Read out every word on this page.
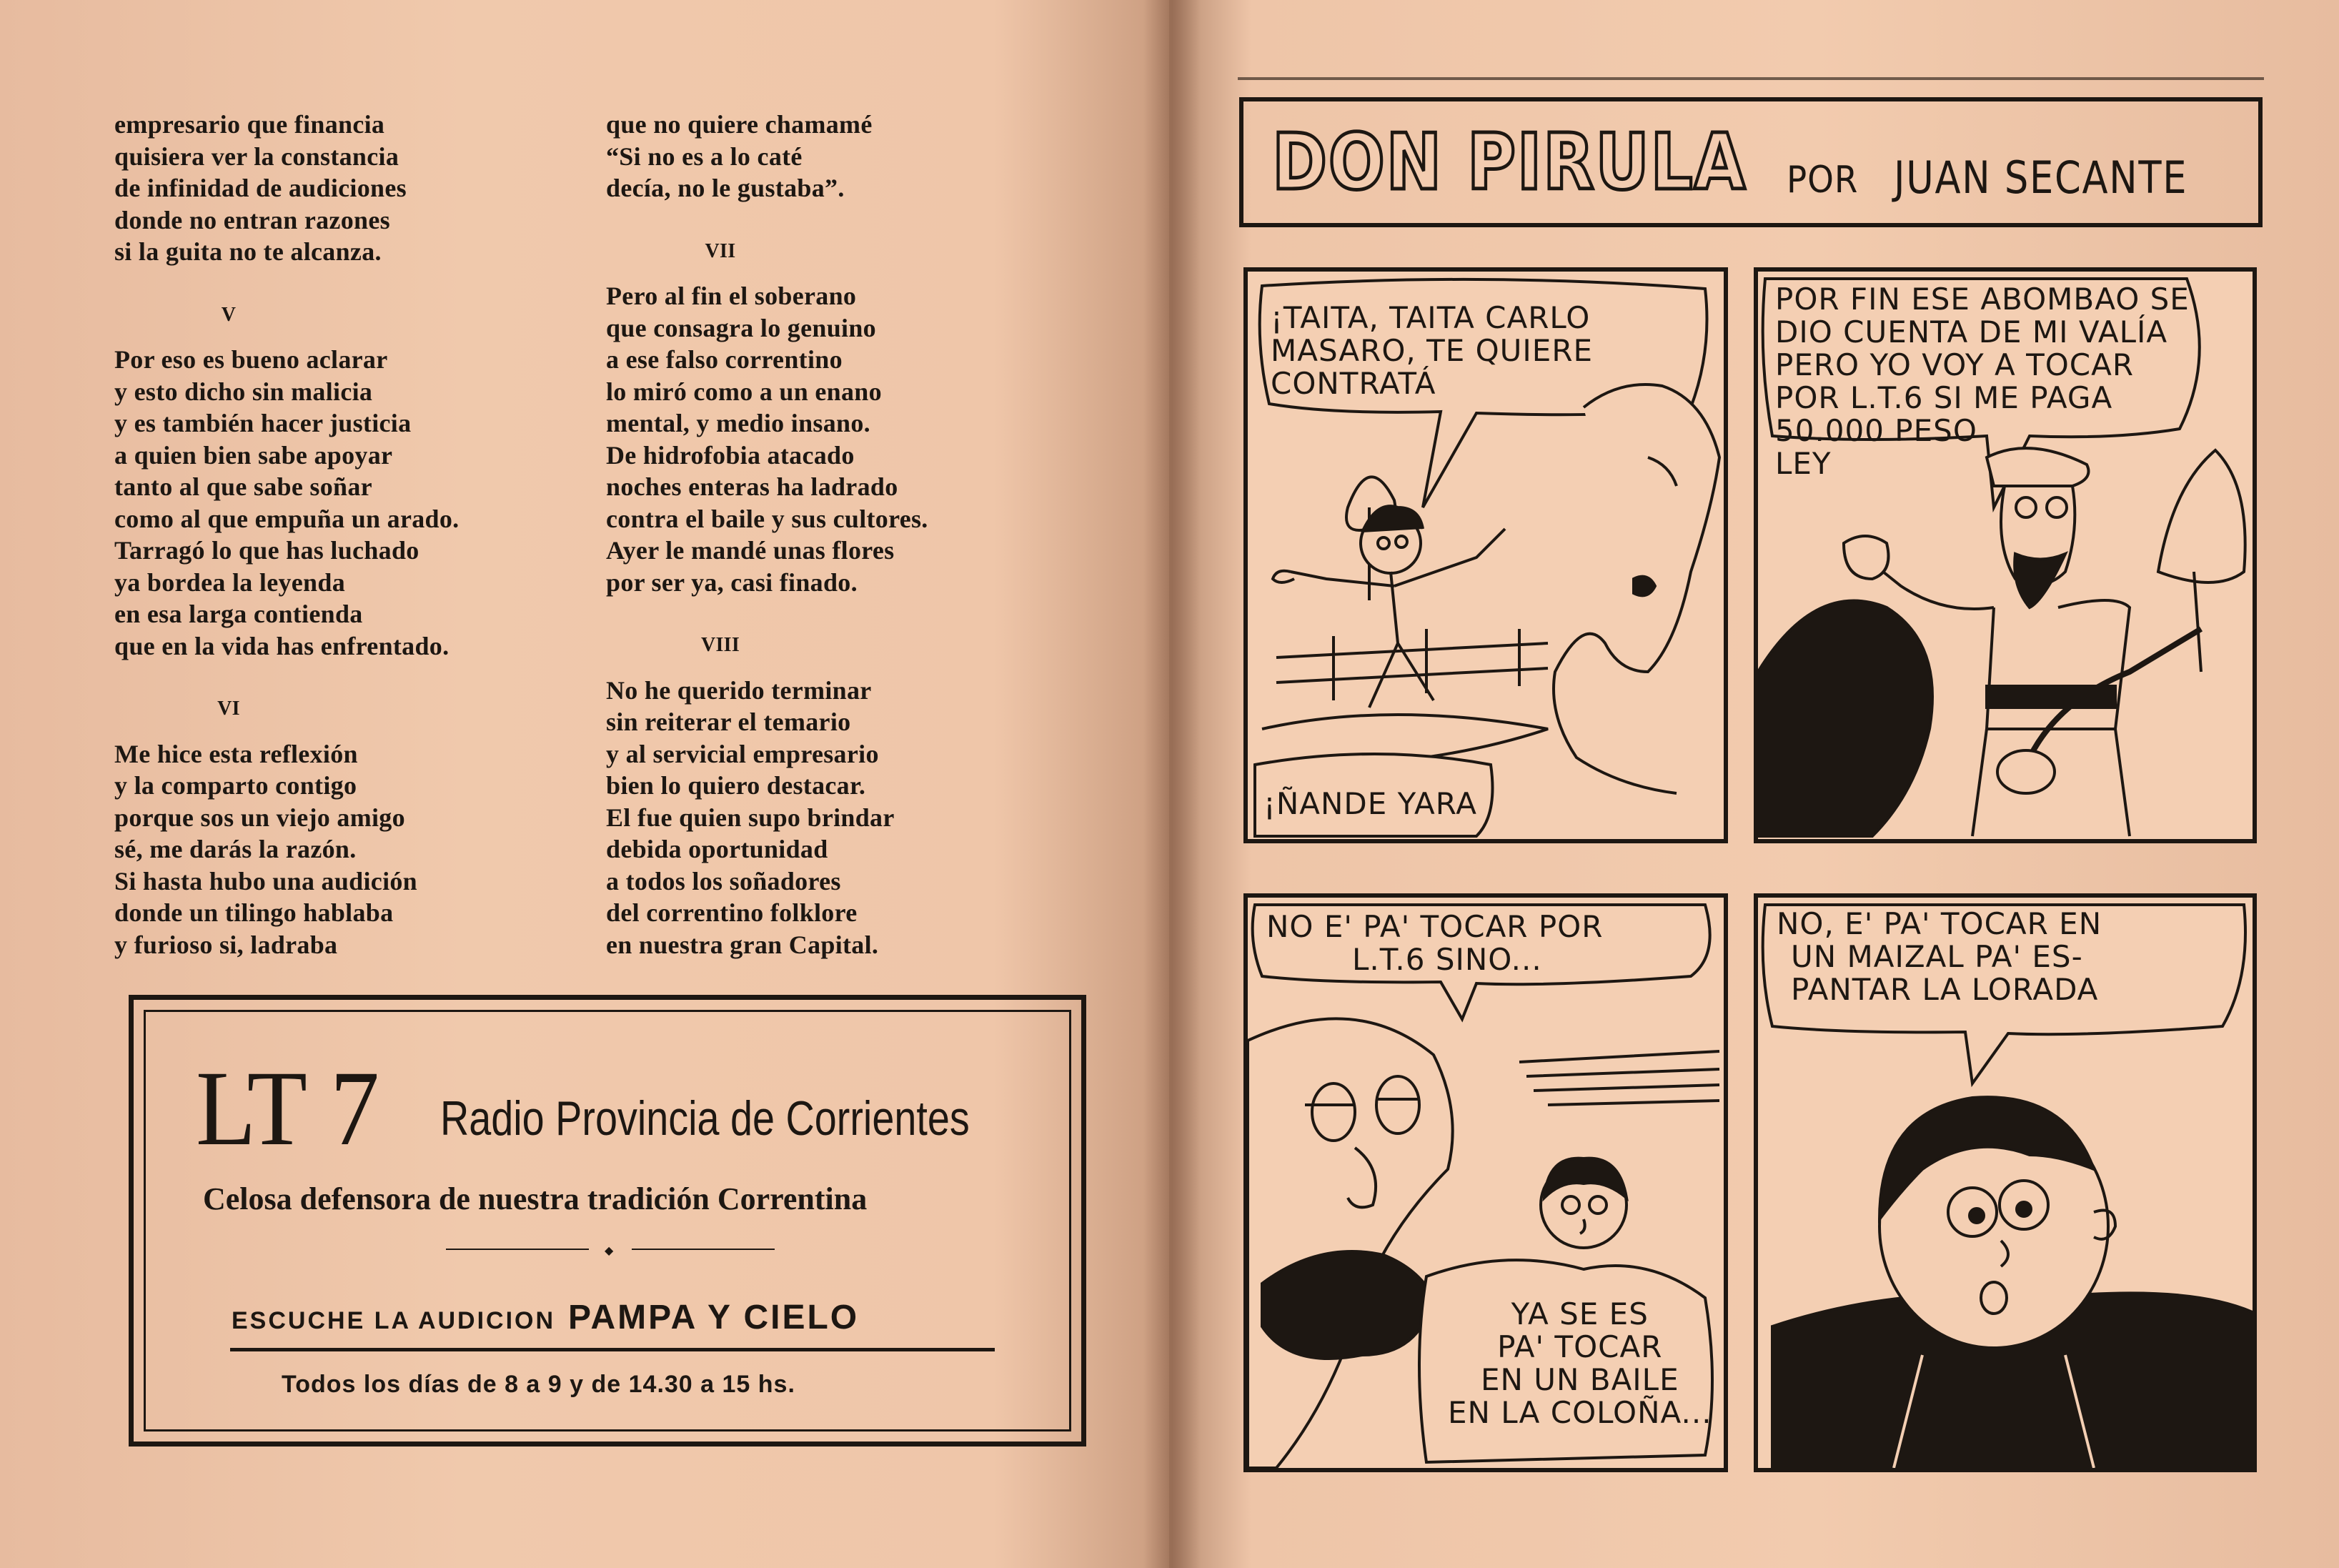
empresario que financia
quisiera ver la constancia
de infinidad de audiciones
donde no entran razones
si la guita no te alcanza.
V
Por eso es bueno aclarar
y esto dicho sin malicia
y es también hacer justicia
a quien bien sabe apoyar
tanto al que sabe soñar
como al que empuña un arado.
Tarragó lo que has luchado
ya bordea la leyenda
en esa larga contienda
que en la vida has enfrentado.
VI
Me hice esta reflexión
y la comparto contigo
porque sos un viejo amigo
sé, me darás la razón.
Si hasta hubo una audición
donde un tilingo hablaba
y furioso si, ladraba
que no quiere chamamé
“Si no es a lo caté
decía, no le gustaba”.
VII
Pero al fin el soberano
que consagra lo genuino
a ese falso correntino
lo miró como a un enano
mental, y medio insano.
De hidrofobia atacado
noches enteras ha ladrado
contra el baile y sus cultores.
Ayer le mandé unas flores
por ser ya, casi finado.
VIII
No he querido terminar
sin reiterar el temario
y al servicial empresario
bien lo quiero destacar.
El fue quien supo brindar
debida oportunidad
a todos los soñadores
del correntino folklore
en nuestra gran Capital.
LT 7 Radio Provincia de Corrientes
Celosa defensora de nuestra tradición Correntina
◆
ESCUCHE LA AUDICION PAMPA Y CIELO
Todos los días de 8 a 9 y de 14.30 a 15 hs.
DON PIRULA POR JUAN SECANTE
¡TAITA, TAITA CARLO
MASARO, TE QUIERE
CONTRATÁ
¡ÑANDE YARA
POR FIN ESE ABOMBAO SE
DIO CUENTA DE MI VALÍA
PERO YO VOY A TOCAR
POR L.T.6 SI ME PAGA
50.000 PESO
LEY
NO E' PA' TOCAR POR
L.T.6 SINO...
YA SE ES
PA' TOCAR
EN UN BAILE
EN LA COLOÑA...
NO, E' PA' TOCAR EN
UN MAIZAL PA' ES-
PANTAR LA LORADA
